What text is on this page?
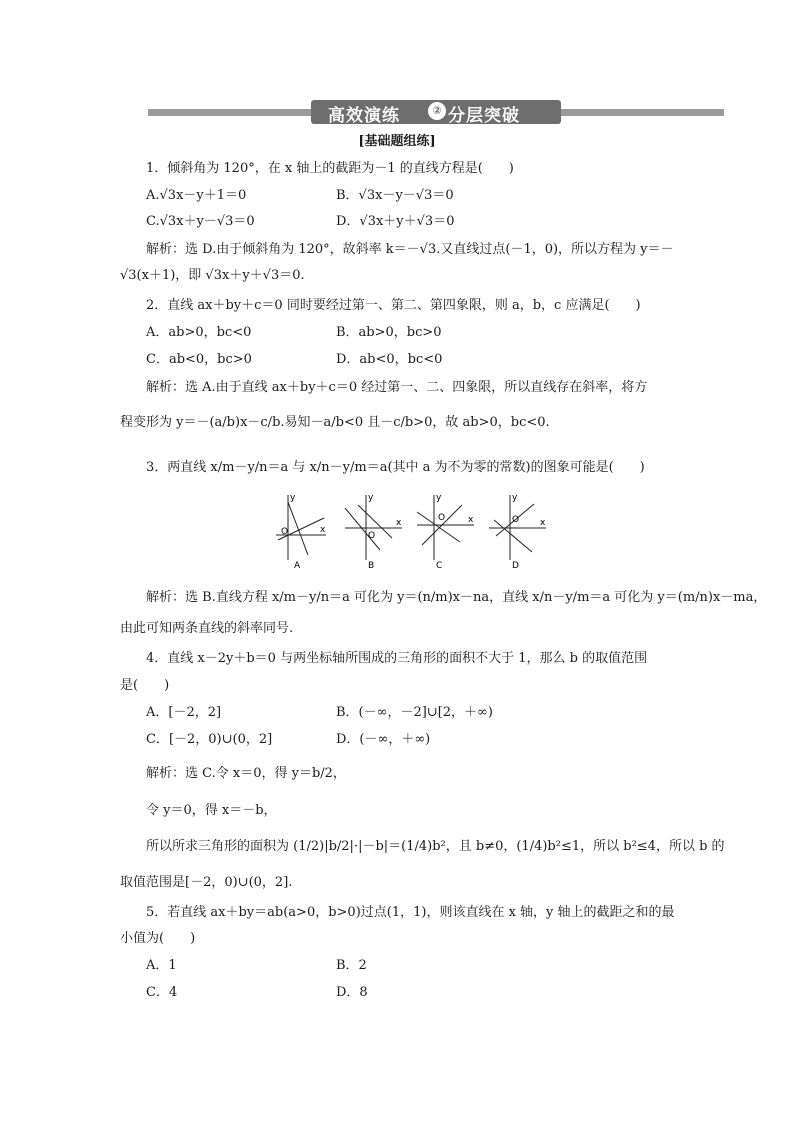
高效演练	② 分层突破
[基础题组练]
1．倾斜角为 120°，在 x 轴上的截距为－1 的直线方程是(　　)
A.√3x－y＋1＝0	B．√3x－y－√3＝0
C.√3x＋y－√3＝0	D．√3x＋y＋√3＝0
解析：选 D.由于倾斜角为 120°，故斜率 k＝－√3.又直线过点(－1，0)，所以方程为 y＝－
√3(x＋1)，即 √3x＋y＋√3＝0.
2．直线 ax＋by＋c＝0 同时要经过第一、第二、第四象限，则 a，b，c 应满足(　　)
A．ab>0，bc<0	B．ab>0，bc>0
C．ab<0，bc>0	D．ab<0，bc<0
解析：选 A.由于直线 ax＋by＋c＝0 经过第一、二、四象限，所以直线存在斜率，将方
程变形为 y＝－(a/b)x－c/b.易知－a/b<0 且－c/b>0，故 ab>0，bc<0.
3．两直线 x/m－y/n＝a 与 x/n－y/m＝a(其中 a 为不为零的常数)的图象可能是(　　)
y
x
O
A
y
x
O
B
y
x
O
C
y
x
O
D
解析：选 B.直线方程 x/m－y/n＝a 可化为 y＝(n/m)x－na，直线 x/n－y/m＝a 可化为 y＝(m/n)x－ma，
由此可知两条直线的斜率同号.
4．直线 x－2y＋b＝0 与两坐标轴所围成的三角形的面积不大于 1，那么 b 的取值范围
是(　　)
A．[－2，2]	B．(－∞，－2]∪[2，＋∞)
C．[－2，0)∪(0，2]	D．(－∞，＋∞)
解析：选 C.令 x＝0，得 y＝b/2，
令 y＝0，得 x＝－b，
所以所求三角形的面积为 (1/2)|b/2|·|－b|＝(1/4)b²，且 b≠0，(1/4)b²≤1，所以 b²≤4，所以 b 的
取值范围是[－2，0)∪(0，2].
5．若直线 ax＋by＝ab(a>0，b>0)过点(1，1)，则该直线在 x 轴，y 轴上的截距之和的最
小值为(　　)
A．1	B．2
C．4	D．8
